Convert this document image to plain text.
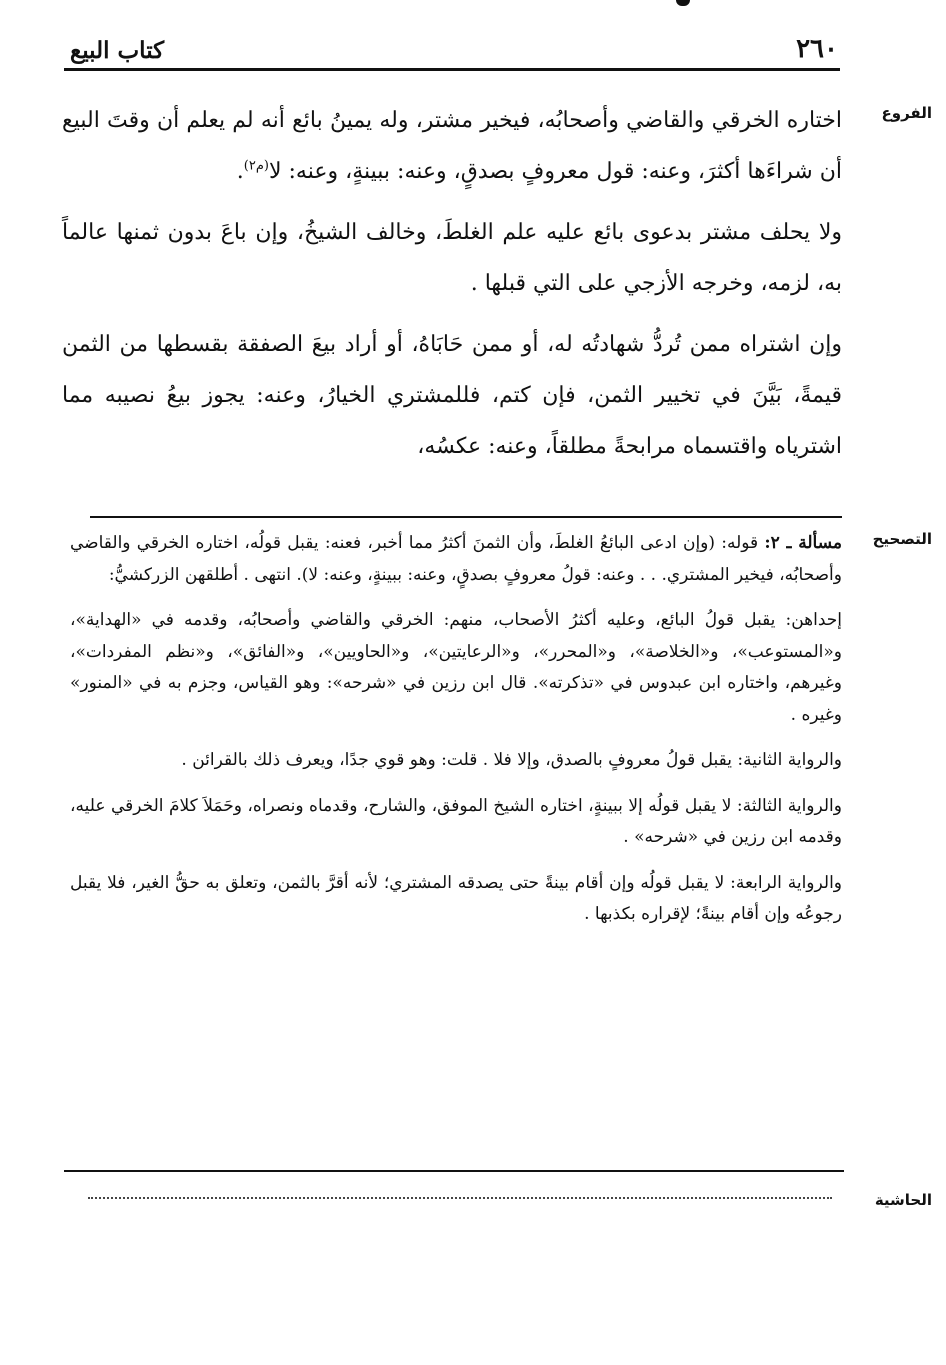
٢٦٠
كتاب البيع
الفروع

اختاره الخرقي والقاضي وأصحابُه، فيخير مشتر، وله يمينُ بائع أنه لم يعلم أن وقتَ البيع أن شراءَها أكثرَ، وعنه: قول معروفٍ بصدقٍ، وعنه: ببينةٍ، وعنه: لا$^{(م٢)}$.

ولا يحلف مشتر بدعوى بائع عليه علم الغلطَ، وخالف الشيخُ، وإن باعَ بدون ثمنها عالماً به، لزمه، وخرجه الأزجي على التي قبلها .

وإن اشتراه ممن تُردُّ شهادتُه له، أو ممن حَابَاهُ، أو أراد بيعَ الصفقة بقسطها من الثمن قيمةً، بَيَّنَ في تخيير الثمن، فإن كتم، فللمشتري الخيارُ، وعنه: يجوز بيعُ نصيبه مما اشترياه واقتسماه مرابحةً مطلقاً، وعنه: عكسُه،

التصحيح

مسألة ـ ٢: قوله: (وإن ادعى البائعُ الغلطَ، وأن الثمنَ أكثرُ مما أخبر، فعنه: يقبل قولُه، اختاره الخرقي والقاضي وأصحابُه، فيخير المشتري. . . وعنه: قولُ معروفٍ بصدقٍ، وعنه: ببينةٍ، وعنه: لا). انتهى . أطلقهن الزركشيُّ:

إحداهن: يقبل قولُ البائع، وعليه أكثرُ الأصحاب، منهم: الخرقي والقاضي وأصحابُه، وقدمه في «الهداية»، و«المستوعب»، و«الخلاصة»، و«المحرر»، و«الرعايتين»، و«الحاويين»، و«الفائق»، و«نظم المفردات»، وغيرهم، واختاره ابن عبدوس في «تذكرته». قال ابن رزين في «شرحه»: وهو القياس، وجزم به في «المنور» وغيره .

والرواية الثانية: يقبل قولُ معروفٍ بالصدق، وإلا فلا . قلت: وهو قوي جدًا، ويعرف ذلك بالقرائن .

والرواية الثالثة: لا يقبل قولُه إلا ببينةٍ، اختاره الشيخ الموفق، والشارح، وقدماه ونصراه، وحَمَلاَ كلامَ الخرقي عليه، وقدمه ابن رزين في «شرحه» .

والرواية الرابعة: لا يقبل قولُه وإن أقام بينةً حتى يصدقه المشتري؛ لأنه أقرَّ بالثمن، وتعلق به حقُّ الغير، فلا يقبل رجوعُه وإن أقام بينةً؛ لإقراره بكذبها .

الحاشية
